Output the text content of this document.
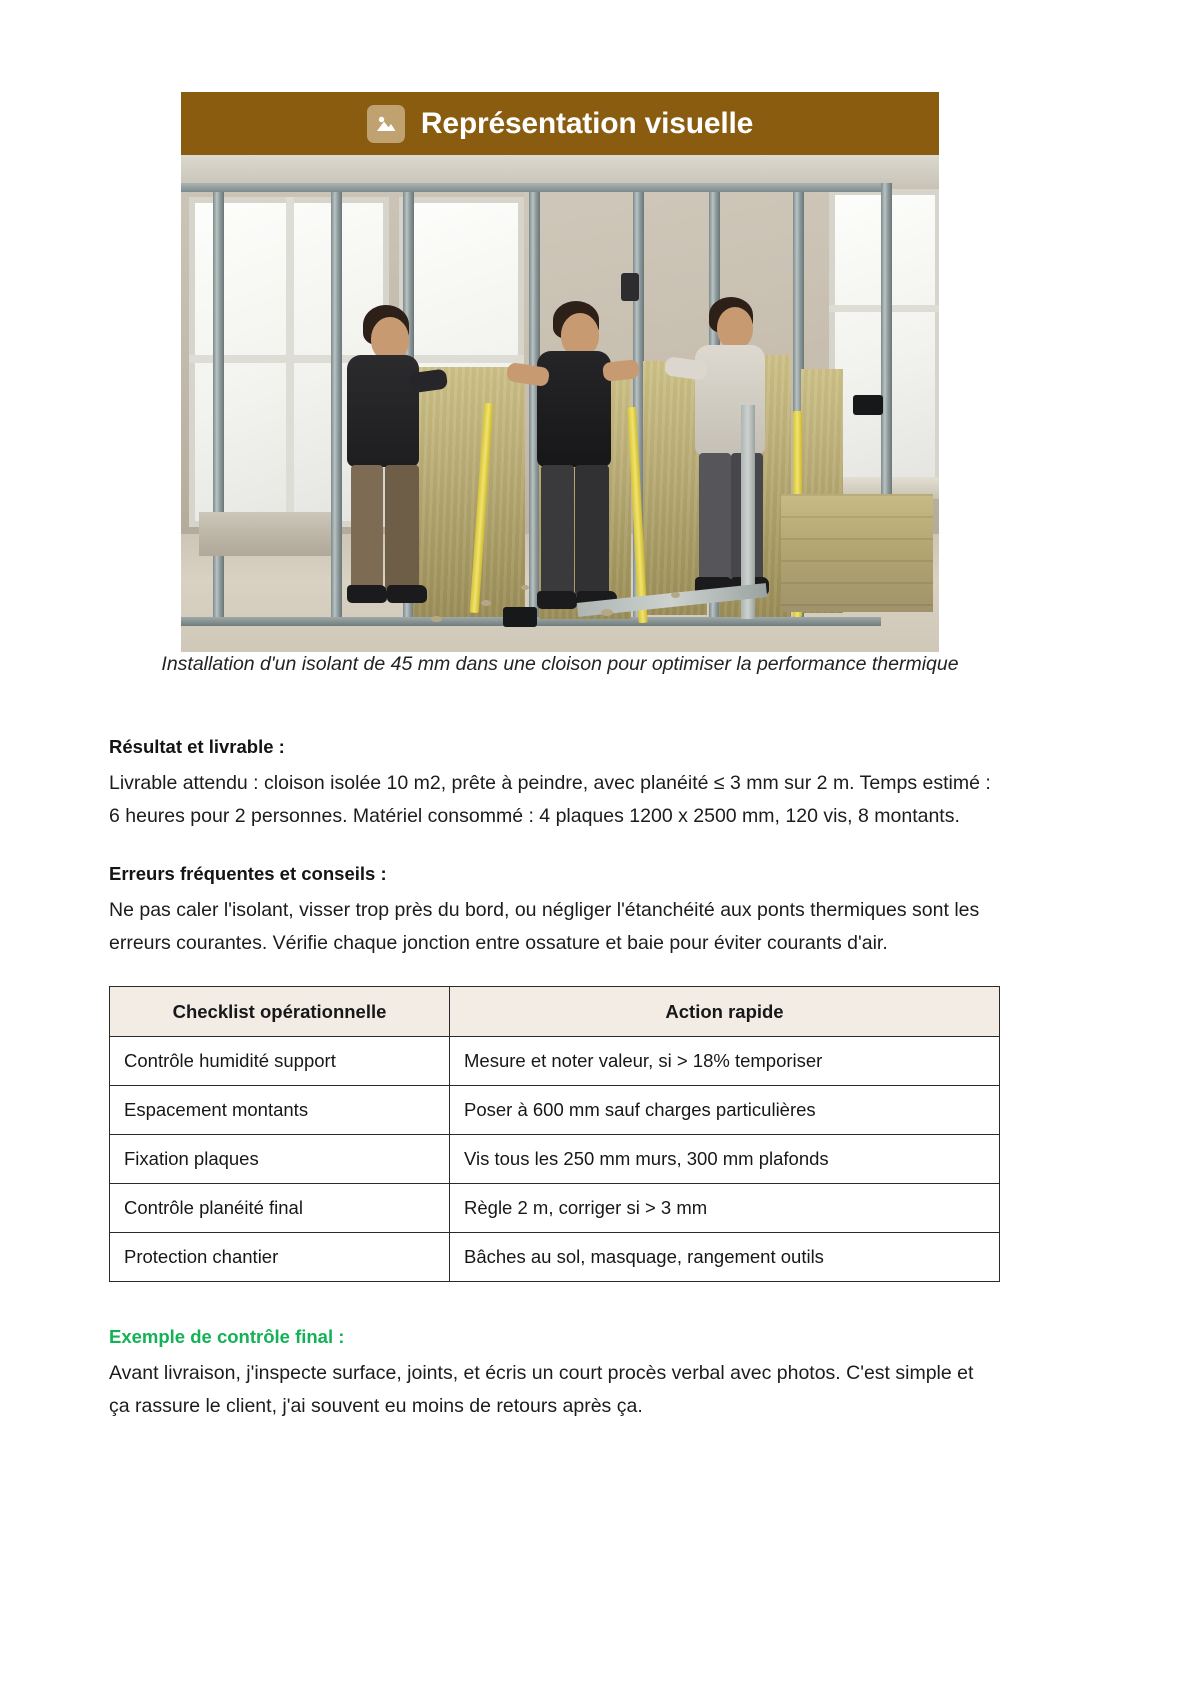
Représentation visuelle
Installation d'un isolant de 45 mm dans une cloison pour optimiser la performance thermique
Résultat et livrable :

Livrable attendu : cloison isolée 10 m2, prête à peindre, avec planéité ≤ 3 mm sur 2 m. Temps estimé : 6 heures pour 2 personnes. Matériel consommé : 4 plaques 1200 x 2500 mm, 120 vis, 8 montants.

Erreurs fréquentes et conseils :

Ne pas caler l'isolant, visser trop près du bord, ou négliger l'étanchéité aux ponts thermiques sont les erreurs courantes. Vérifie chaque jonction entre ossature et baie pour éviter courants d'air.

Checklist opérationnelle	Action rapide
Contrôle humidité support	Mesure et noter valeur, si > 18% temporiser
Espacement montants	Poser à 600 mm sauf charges particulières
Fixation plaques	Vis tous les 250 mm murs, 300 mm plafonds
Contrôle planéité final	Règle 2 m, corriger si > 3 mm
Protection chantier	Bâches au sol, masquage, rangement outils
Exemple de contrôle final :

Avant livraison, j'inspecte surface, joints, et écris un court procès verbal avec photos. C'est simple et ça rassure le client, j'ai souvent eu moins de retours après ça.
